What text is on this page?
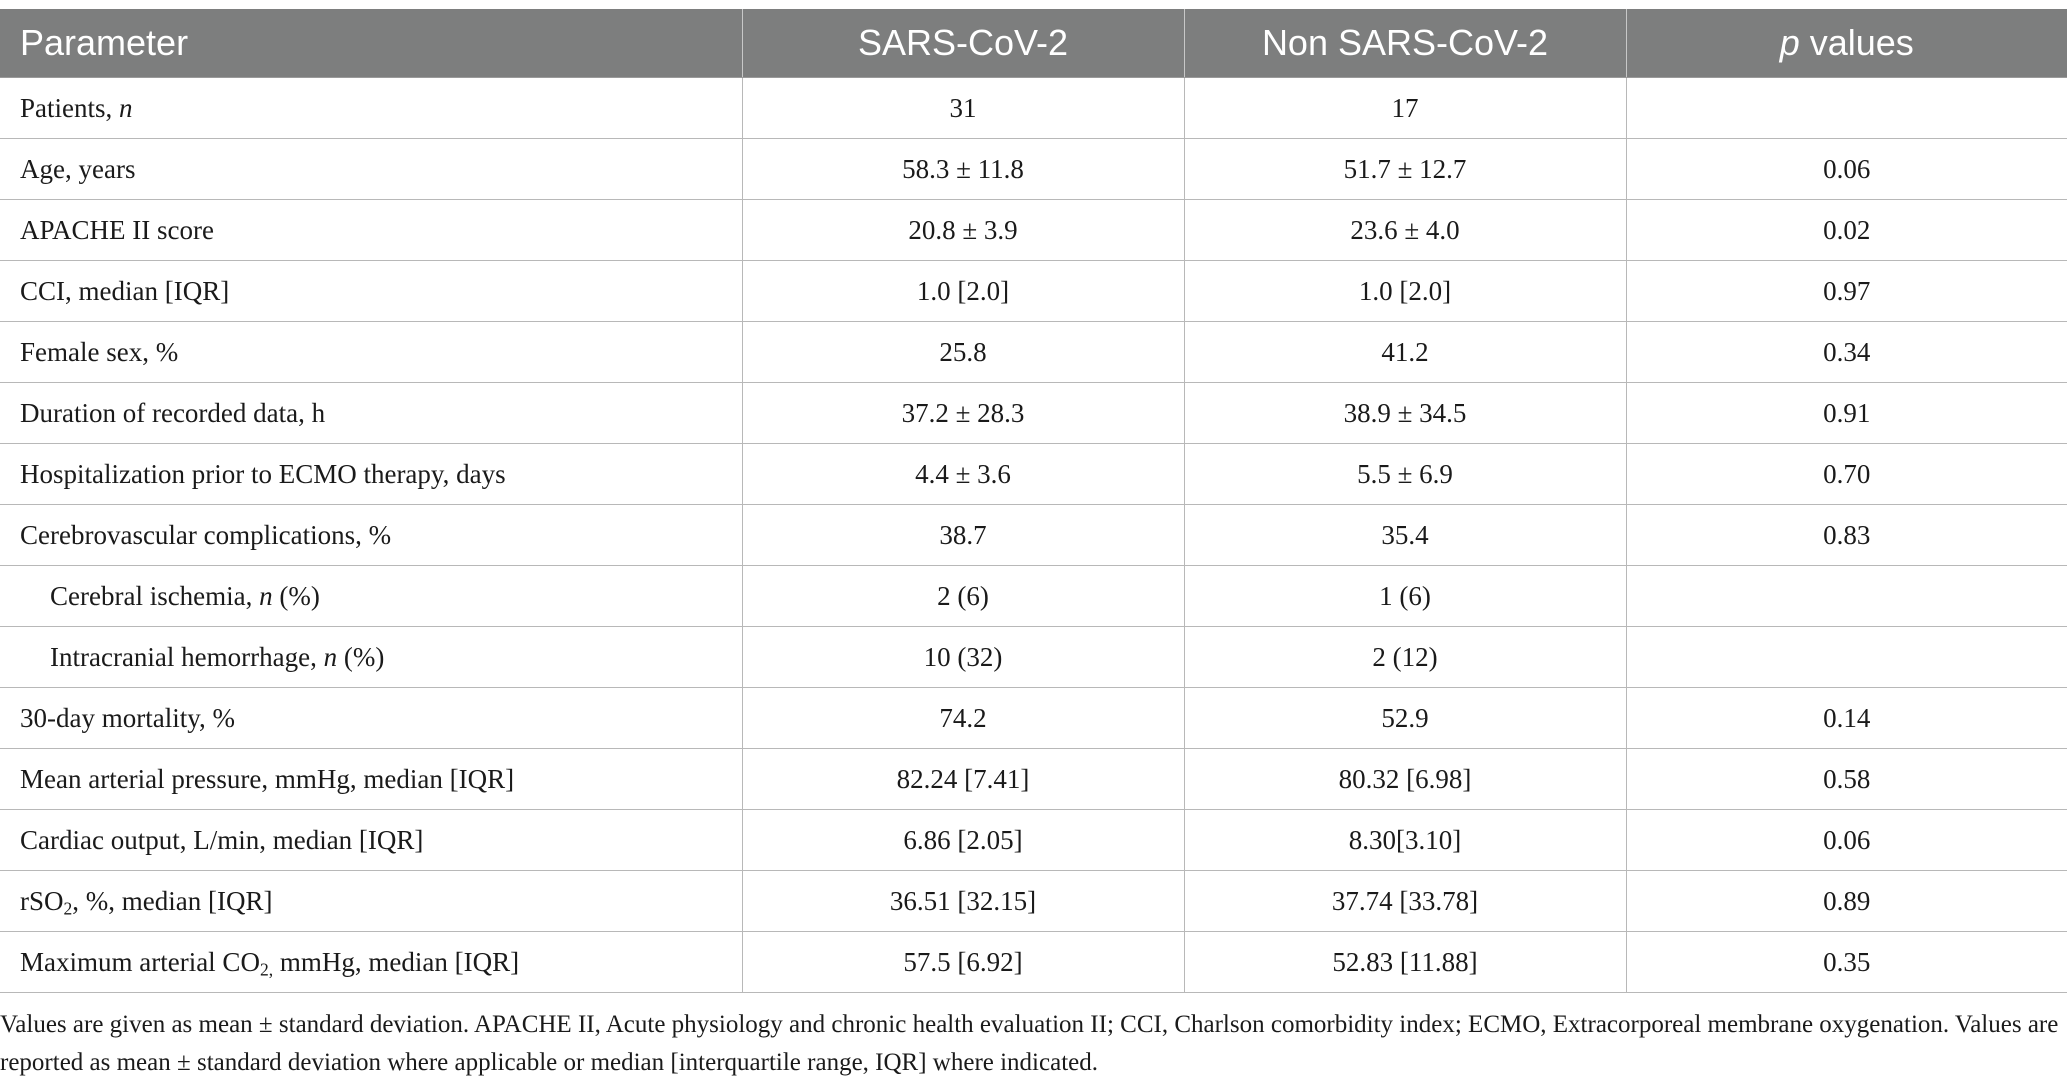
Parameter	SARS-CoV-2	Non SARS-CoV-2	p values
Patients, n	31	17	
Age, years	58.3 ± 11.8	51.7 ± 12.7	0.06
APACHE II score	20.8 ± 3.9	23.6 ± 4.0	0.02
CCI, median [IQR]	1.0 [2.0]	1.0 [2.0]	0.97
Female sex, %	25.8	41.2	0.34
Duration of recorded data, h	37.2 ± 28.3	38.9 ± 34.5	0.91
Hospitalization prior to ECMO therapy, days	4.4 ± 3.6	5.5 ± 6.9	0.70
Cerebrovascular complications, %	38.7	35.4	0.83
Cerebral ischemia, n (%)	2 (6)	1 (6)	
Intracranial hemorrhage, n (%)	10 (32)	2 (12)	
30-day mortality, %	74.2	52.9	0.14
Mean arterial pressure, mmHg, median [IQR]	82.24 [7.41]	80.32 [6.98]	0.58
Cardiac output, L/min, median [IQR]	6.86 [2.05]	8.30[3.10]	0.06
rSO$_2$, %, median [IQR]	36.51 [32.15]	37.74 [33.78]	0.89
Maximum arterial $CO_{2,}$ mmHg, median [IQR]	57.5 [6.92]	52.83 [11.88]	0.35
Values are given as mean ± standard deviation. APACHE II, Acute physiology and chronic health evaluation II; CCI, Charlson comorbidity index; ECMO, Extracorporeal membrane oxygenation. Values are reported as mean ± standard deviation where applicable or median [interquartile range, IQR] where indicated.
